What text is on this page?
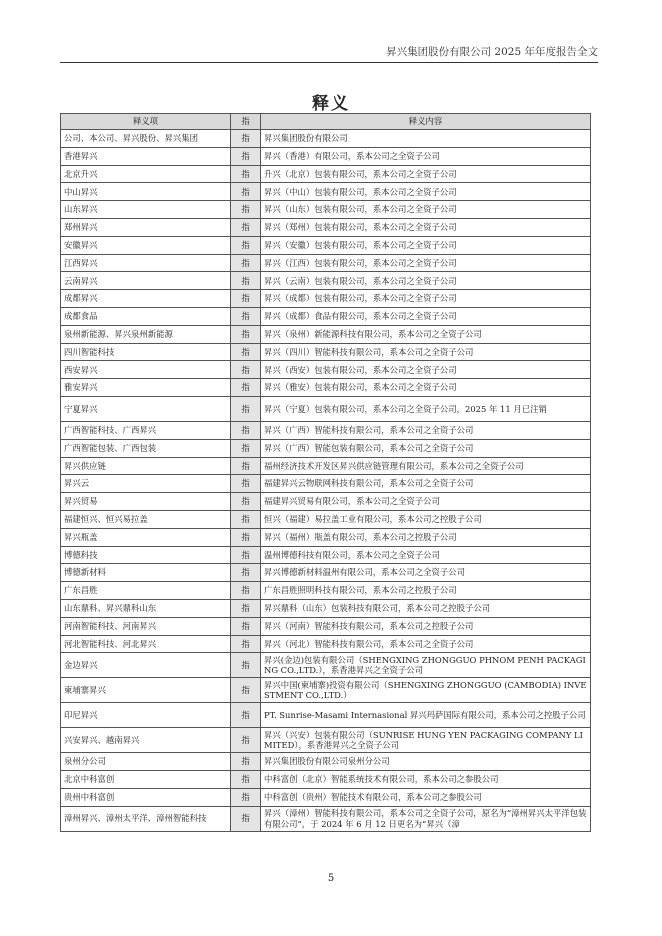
昇兴集团股份有限公司 2025 年年度报告全文
释义
释义项	指	释义内容
公司、本公司、昇兴股份、昇兴集团	指	昇兴集团股份有限公司
香港昇兴	指	昇兴（香港）有限公司，系本公司之全资子公司
北京升兴	指	升兴（北京）包装有限公司，系本公司之全资子公司
中山昇兴	指	昇兴（中山）包装有限公司，系本公司之全资子公司
山东昇兴	指	昇兴（山东）包装有限公司，系本公司之全资子公司
郑州昇兴	指	昇兴（郑州）包装有限公司，系本公司之全资子公司
安徽昇兴	指	昇兴（安徽）包装有限公司，系本公司之全资子公司
江西昇兴	指	昇兴（江西）包装有限公司，系本公司之全资子公司
云南昇兴	指	昇兴（云南）包装有限公司，系本公司之全资子公司
成都昇兴	指	昇兴（成都）包装有限公司，系本公司之全资子公司
成都食品	指	昇兴（成都）食品有限公司，系本公司之全资子公司
泉州新能源、昇兴泉州新能源	指	昇兴（泉州）新能源科技有限公司，系本公司之全资子公司
四川智能科技	指	昇兴（四川）智能科技有限公司，系本公司之全资子公司
西安昇兴	指	昇兴（西安）包装有限公司，系本公司之全资子公司
雅安昇兴	指	昇兴（雅安）包装有限公司，系本公司之全资子公司
宁夏昇兴	指	昇兴（宁夏）包装有限公司，系本公司之全资子公司，2025 年 11 月已注销
广西智能科技、广西昇兴	指	昇兴（广西）智能科技有限公司，系本公司之全资子公司
广西智能包装、广西包装	指	昇兴（广西）智能包装有限公司，系本公司之全资子公司
昇兴供应链	指	福州经济技术开发区昇兴供应链管理有限公司，系本公司之全资子公司
昇兴云	指	福建昇兴云物联网科技有限公司，系本公司之全资子公司
昇兴贸易	指	福建昇兴贸易有限公司，系本公司之全资子公司
福建恒兴、恒兴易拉盖	指	恒兴（福建）易拉盖工业有限公司，系本公司之控股子公司
昇兴瓶盖	指	昇兴（福州）瓶盖有限公司，系本公司之控股子公司
博德科技	指	温州博德科技有限公司，系本公司之全资子公司
博德新材料	指	昇兴博德新材料温州有限公司，系本公司之全资子公司
广东昌胜	指	广东昌胜照明科技有限公司，系本公司之控股子公司
山东鼎科、昇兴鼎科山东	指	昇兴鼎科（山东）包装科技有限公司，系本公司之控股子公司
河南智能科技、河南昇兴	指	昇兴（河南）智能科技有限公司，系本公司之控股子公司
河北智能科技、河北昇兴	指	昇兴（河北）智能科技有限公司，系本公司之全资子公司
金边昇兴	指	昇兴(金边)包装有限公司（SHENGXING ZHONGGUO PHNOM PENH PACKAGING CO.,LTD.），系香港昇兴之全资子公司
柬埔寨昇兴	指	昇兴中国(柬埔寨)投资有限公司（SHENGXING ZHONGGUO (CAMBODIA) INVESTMENT CO.,LTD.）
印尼昇兴	指	PT. Sunrise-Masami Internasional 昇兴玛萨国际有限公司，系本公司之控股子公司
兴安昇兴、越南昇兴	指	昇兴（兴安）包装有限公司（SUNRISE HUNG YEN PACKAGING COMPANY LIMITED），系香港昇兴之全资子公司
泉州分公司	指	昇兴集团股份有限公司泉州分公司
北京中科富创	指	中科富创（北京）智能系统技术有限公司，系本公司之参股公司
贵州中科富创	指	中科富创（贵州）智能技术有限公司，系本公司之参股公司
漳州昇兴、漳州太平洋、漳州智能科技	指	昇兴（漳州）智能科技有限公司，系本公司之全资子公司，原名为“漳州昇兴太平洋包装有限公司”，于 2024 年 6 月 12 日更名为“昇兴（漳
5
